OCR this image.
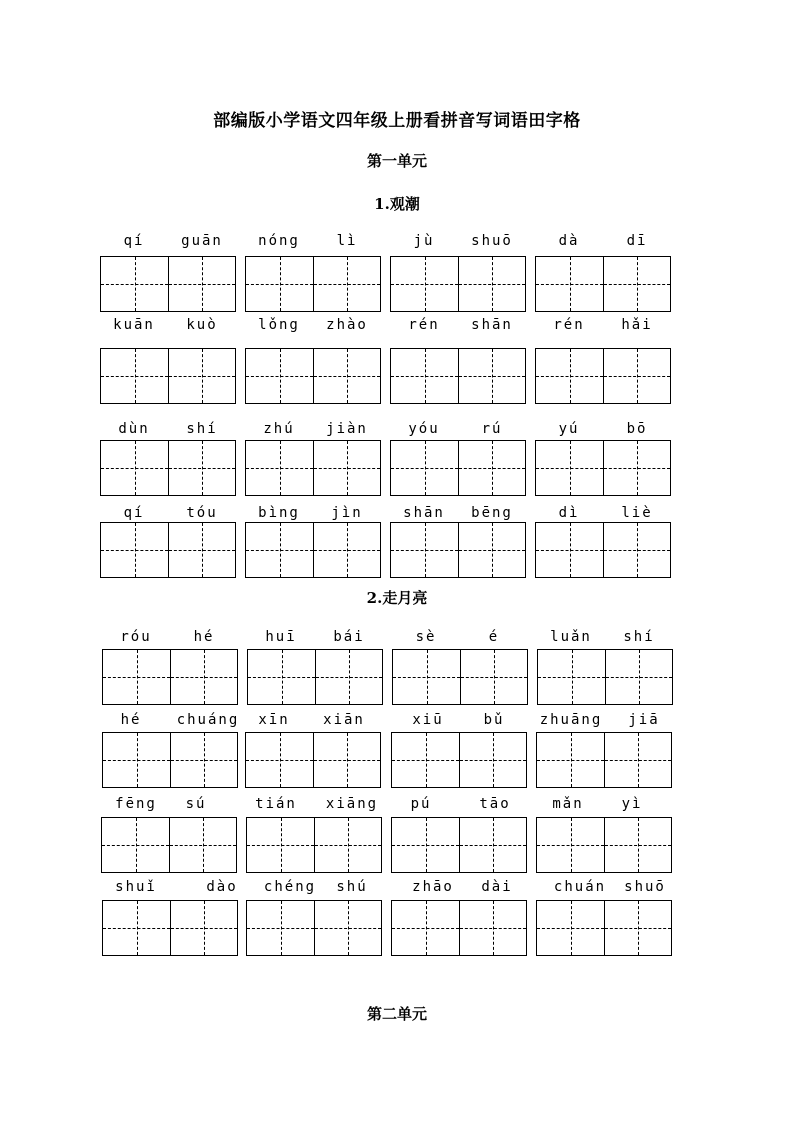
部编版小学语文四年级上册看拼音写词语田字格
第一单元
1.观潮
2.走月亮
第二单元
qí	guān	nóng	lì	jù	shuō	dà	dī
kuān	kuò	lǒng	zhào	rén	shān	rén	hǎi
dùn	shí	zhú	jiàn	yóu	rú	yú	bō
qí	tóu	bìng	jìn	shān	bēng	dì	liè
róu	hé	huī	bái	sè	é	luǎn	shí
hé	chuáng	xīn	xiān	xiū	bǔ	zhuāng	jiā
fēng	sú	tián	xiāng	pú	tāo	mǎn	yì
shuǐ	dào	chéng	shú	zhāo	dài	chuán	shuō
